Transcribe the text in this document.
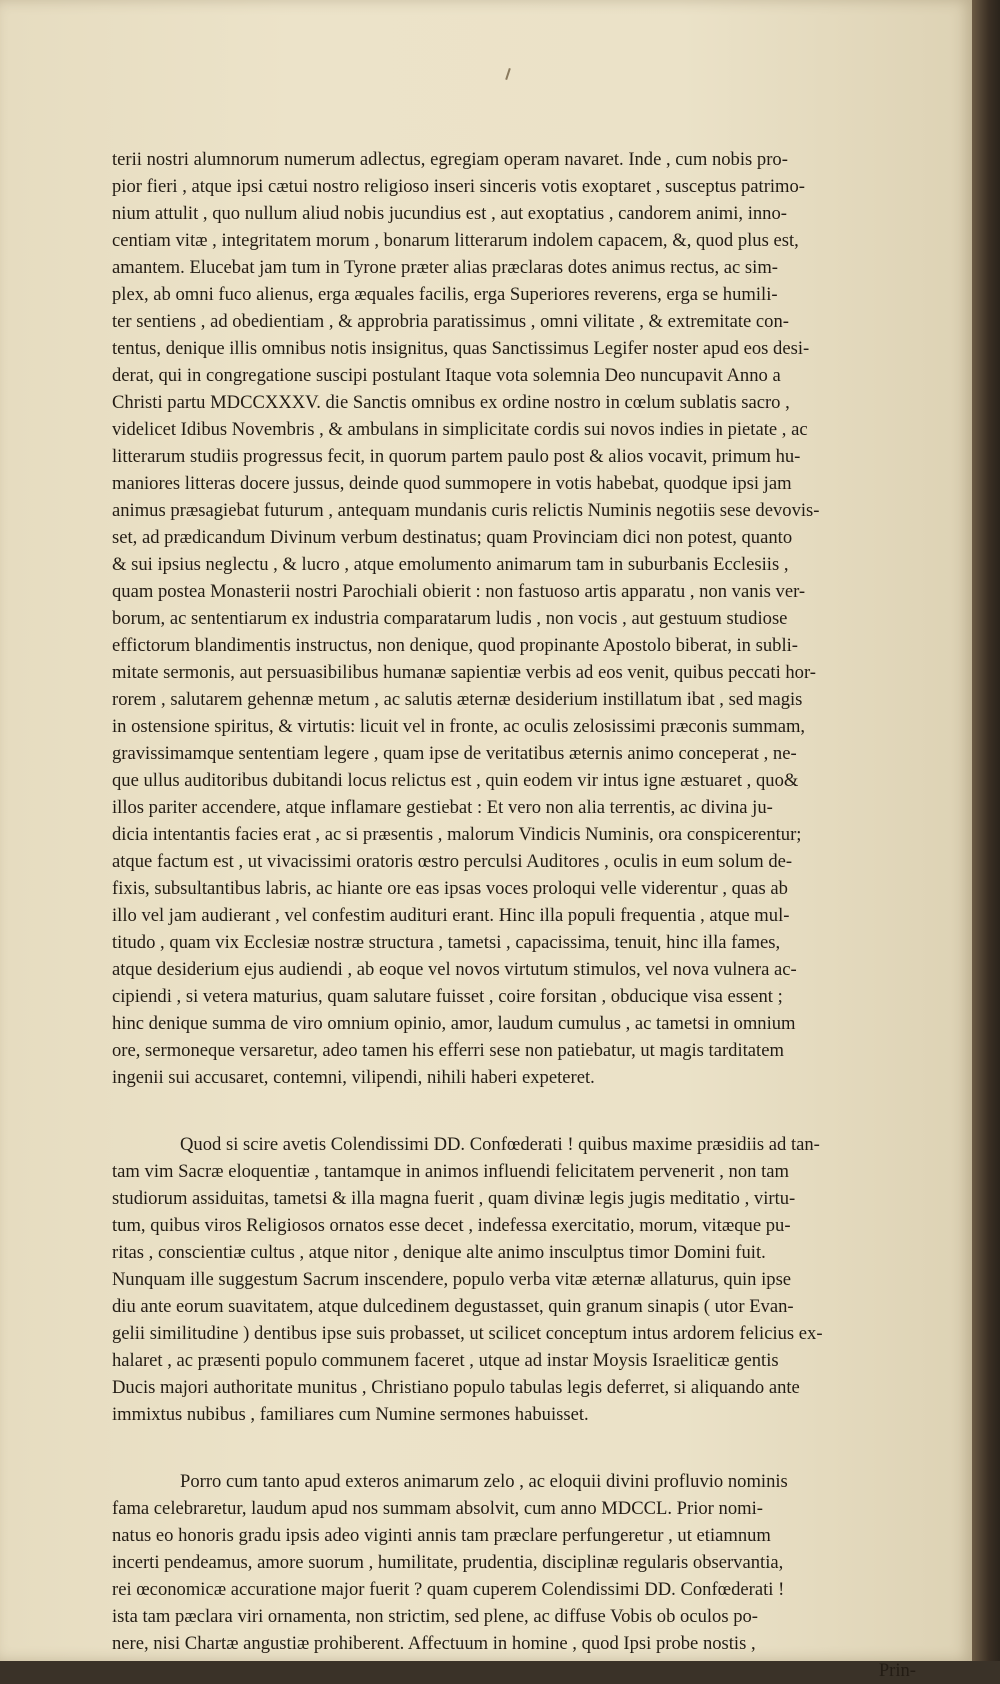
terii nostri alumnorum numerum adlectus, egregiam operam navaret. Inde , cum nobis pro-
pior fieri , atque ipsi cætui nostro religioso inseri sinceris votis exoptaret , susceptus patrimo-
nium attulit , quo nullum aliud nobis jucundius est , aut exoptatius , candorem animi, inno-
centiam vitæ , integritatem morum , bonarum litterarum indolem capacem, &, quod plus est,
amantem. Elucebat jam tum in Tyrone præter alias præclaras dotes animus rectus, ac sim-
plex, ab omni fuco alienus, erga æquales facilis, erga Superiores reverens, erga se humili-
ter sentiens , ad obedientiam , & approbria paratissimus , omni vilitate , & extremitate con-
tentus, denique illis omnibus notis insignitus, quas Sanctissimus Legifer noster apud eos desi-
derat, qui in congregatione suscipi postulant Itaque vota solemnia Deo nuncupavit Anno a
Christi partu MDCCXXXV. die Sanctis omnibus ex ordine nostro in cœlum sublatis sacro ,
videlicet Idibus Novembris , & ambulans in simplicitate cordis sui novos indies in pietate , ac
litterarum studiis progressus fecit, in quorum partem paulo post & alios vocavit, primum hu-
maniores litteras docere jussus, deinde quod summopere in votis habebat, quodque ipsi jam
animus præsagiebat futurum , antequam mundanis curis relictis Numinis negotiis sese devovis-
set, ad prædicandum Divinum verbum destinatus; quam Provinciam dici non potest, quanto
& sui ipsius neglectu , & lucro , atque emolumento animarum tam in suburbanis Ecclesiis ,
quam postea Monasterii nostri Parochiali obierit : non fastuoso artis apparatu , non vanis ver-
borum, ac sententiarum ex industria comparatarum ludis , non vocis , aut gestuum studiose
effictorum blandimentis instructus, non denique, quod propinante Apostolo biberat, in subli-
mitate sermonis, aut persuasibilibus humanæ sapientiæ verbis ad eos venit, quibus peccati hor-
rorem , salutarem gehennæ metum , ac salutis æternæ desiderium instillatum ibat , sed magis
in ostensione spiritus, & virtutis: licuit vel in fronte, ac oculis zelosissimi præconis summam,
gravissimamque sententiam legere , quam ipse de veritatibus æternis animo conceperat , ne-
que ullus auditoribus dubitandi locus relictus est , quin eodem vir intus igne æstuaret , quo&
illos pariter accendere, atque inflamare gestiebat : Et vero non alia terrentis, ac divina ju-
dicia intentantis facies erat , ac si præsentis , malorum Vindicis Numinis, ora conspicerentur;
atque factum est , ut vivacissimi oratoris œstro perculsi Auditores , oculis in eum solum de-
fixis, subsultantibus labris, ac hiante ore eas ipsas voces proloqui velle viderentur , quas ab
illo vel jam audierant , vel confestim audituri erant. Hinc illa populi frequentia , atque mul-
titudo , quam vix Ecclesiæ nostræ structura , tametsi , capacissima, tenuit, hinc illa fames,
atque desiderium ejus audiendi , ab eoque vel novos virtutum stimulos, vel nova vulnera ac-
cipiendi , si vetera maturius, quam salutare fuisset , coire forsitan , obducique visa essent ;
hinc denique summa de viro omnium opinio, amor, laudum cumulus , ac tametsi in omnium
ore, sermoneque versaretur, adeo tamen his efferri sese non patiebatur, ut magis tarditatem
ingenii sui accusaret, contemni, vilipendi, nihili haberi expeteret.
Quod si scire avetis Colendissimi DD. Confœderati ! quibus maxime præsidiis ad tan-
tam vim Sacræ eloquentiæ , tantamque in animos influendi felicitatem pervenerit , non tam
studiorum assiduitas, tametsi & illa magna fuerit , quam divinæ legis jugis meditatio , virtu-
tum, quibus viros Religiosos ornatos esse decet , indefessa exercitatio, morum, vitæque pu-
ritas , conscientiæ cultus , atque nitor , denique alte animo insculptus timor Domini fuit.
Nunquam ille suggestum Sacrum inscendere, populo verba vitæ æternæ allaturus, quin ipse
diu ante eorum suavitatem, atque dulcedinem degustasset, quin granum sinapis ( utor Evan-
gelii similitudine ) dentibus ipse suis probasset, ut scilicet conceptum intus ardorem felicius ex-
halaret , ac præsenti populo communem faceret , utque ad instar Moysis Israeliticæ gentis
Ducis majori authoritate munitus , Christiano populo tabulas legis deferret, si aliquando ante
immixtus nubibus , familiares cum Numine sermones habuisset.
Porro cum tanto apud exteros animarum zelo , ac eloquii divini profluvio nominis
fama celebraretur, laudum apud nos summam absolvit, cum anno MDCCL. Prior nomi-
natus eo honoris gradu ipsis adeo viginti annis tam præclare perfungeretur , ut etiamnum
incerti pendeamus, amore suorum , humilitate, prudentia, disciplinæ regularis observantia,
rei œconomicæ accuratione major fuerit ? quam cuperem Colendissimi DD. Confœderati !
ista tam pæclara viri ornamenta, non strictim, sed plene, ac diffuse Vobis ob oculos po-
nere, nisi Chartæ angustiæ prohiberent. Affectuum in homine , quod Ipsi probe nostis ,
Prin-
